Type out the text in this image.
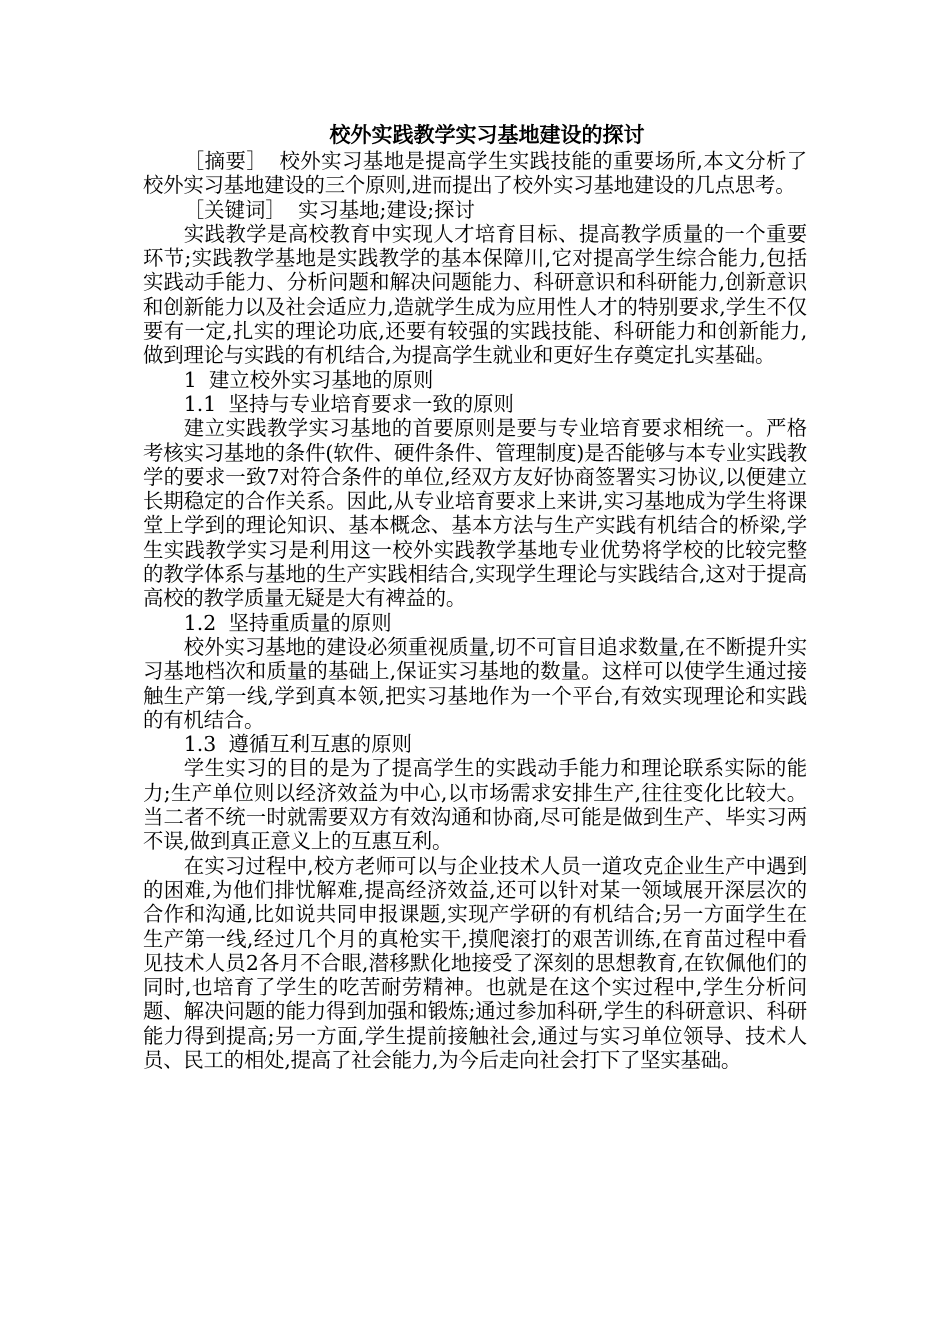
校外实践教学实习基地建设的探讨

［摘要］ 校外实习基地是提高学生实践技能的重要场所,本文分析了校外实习基地建设的三个原则,进而提出了校外实习基地建设的几点思考。

［关键词］ 实习基地;建设;探讨

实践教学是高校教育中实现人才培育目标、提高教学质量的一个重要环节;实践教学基地是实践教学的基本保障川,它对提高学生综合能力,包括实践动手能力、分析问题和解决问题能力、科研意识和科研能力,创新意识和创新能力以及社会适应力,造就学生成为应用性人才的特别要求,学生不仅要有一定,扎实的理论功底,还要有较强的实践技能、科研能力和创新能力,做到理论与实践的有机结合,为提高学生就业和更好生存奠定扎实基础。

1 建立校外实习基地的原则

1.1 坚持与专业培育要求一致的原则

建立实践教学实习基地的首要原则是要与专业培育要求相统一。严格考核实习基地的条件(软件、硬件条件、管理制度)是否能够与本专业实践教学的要求一致7对符合条件的单位,经双方友好协商签署实习协议,以便建立长期稳定的合作关系。因此,从专业培育要求上来讲,实习基地成为学生将课堂上学到的理论知识、基本概念、基本方法与生产实践有机结合的桥梁,学生实践教学实习是利用这一校外实践教学基地专业优势将学校的比较完整的教学体系与基地的生产实践相结合,实现学生理论与实践结合,这对于提高高校的教学质量无疑是大有裨益的。

1.2 坚持重质量的原则

校外实习基地的建设必须重视质量,切不可盲目追求数量,在不断提升实习基地档次和质量的基础上,保证实习基地的数量。这样可以使学生通过接触生产第一线,学到真本领,把实习基地作为一个平台,有效实现理论和实践的有机结合。

1.3 遵循互利互惠的原则

学生实习的目的是为了提高学生的实践动手能力和理论联系实际的能力;生产单位则以经济效益为中心,以市场需求安排生产,往往变化比较大。当二者不统一时就需要双方有效沟通和协商,尽可能是做到生产、毕实习两不误,做到真正意义上的互惠互利。

在实习过程中,校方老师可以与企业技术人员一道攻克企业生产中遇到的困难,为他们排忧解难,提高经济效益,还可以针对某一领域展开深层次的合作和沟通,比如说共同申报课题,实现产学研的有机结合;另一方面学生在生产第一线,经过几个月的真枪实干,摸爬滚打的艰苦训练,在育苗过程中看见技术人员2各月不合眼,潜移默化地接受了深刻的思想教育,在钦佩他们的同时,也培育了学生的吃苦耐劳精神。也就是在这个实过程中,学生分析问题、解决问题的能力得到加强和锻炼;通过参加科研,学生的科研意识、科研能力得到提高;另一方面,学生提前接触社会,通过与实习单位领导、技术人员、民工的相处,提高了社会能力,为今后走向社会打下了坚实基础。
